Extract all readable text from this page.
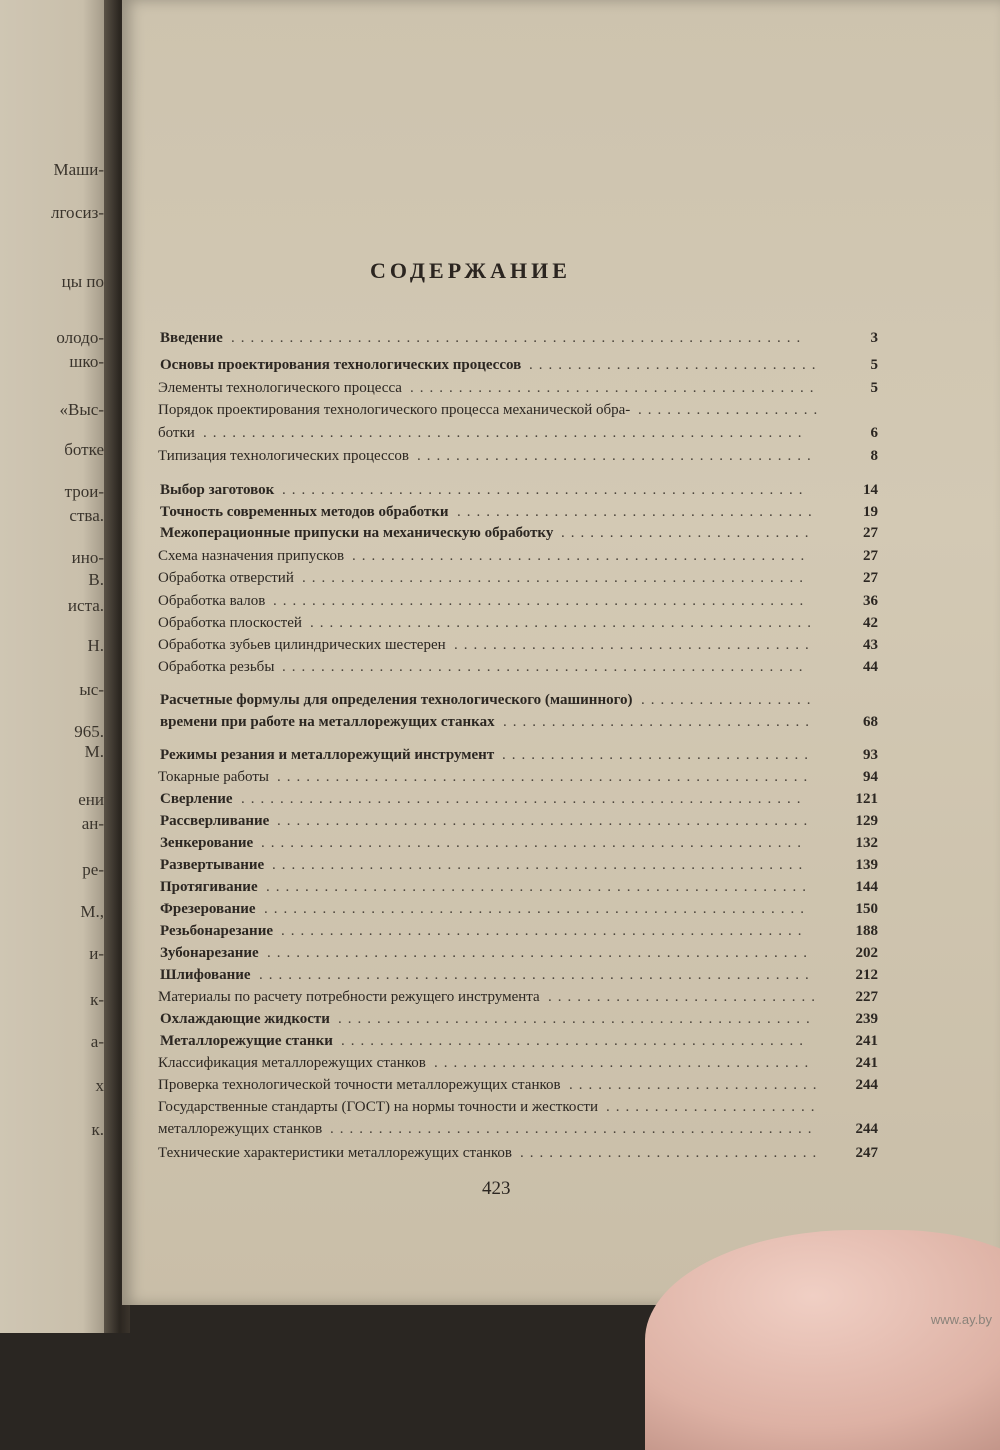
Маши-
лгосиз-
цы по
олодо-
шко-
«Выс-
ботке
трои-
ства.
ино-
В.
иста.
Н.
ыс-
965.
М.
ени
ан-
ре-
М.,
и-
к-
а-
х
к.
СОДЕРЖАНИЕ
Введение ...........................................................	3
Основы проектирования технологических процессов ..............................	5
Элементы технологического процесса ..........................................	5
Порядок проектирования технологического процесса механической обра- ...................
ботки ..............................................................	6
Типизация технологических процессов .........................................	8
Выбор заготовок ......................................................	14
Точность современных методов обработки .....................................	19
Межоперационные припуски на механическую обработку ..........................	27
Схема назначения припусков ...............................................	27
Обработка отверстий ....................................................	27
Обработка валов .......................................................	36
Обработка плоскостей ....................................................	42
Обработка зубьев цилиндрических шестерен .....................................	43
Обработка резьбы ......................................................	44
Расчетные формулы для определения технологического (машинного) ..................
времени при работе на металлорежущих станках ................................	68
Режимы резания и металлорежущий инструмент ................................	93
Токарные работы .......................................................	94
Сверление ..........................................................	121
Рассверливание .......................................................	129
Зенкерование ........................................................	132
Развертывание .......................................................	139
Протягивание ........................................................	144
Фрезерование ........................................................	150
Резьбонарезание ......................................................	188
Зубонарезание ........................................................	202
Шлифование .........................................................	212
Материалы по расчету потребности режущего инструмента ............................	227
Охлаждающие жидкости .................................................	239
Металлорежущие станки ................................................	241
Классификация металлорежущих станков .......................................	241
Проверка технологической точности металлорежущих станков ..........................	244
Государственные стандарты (ГОСТ) на нормы точности и жесткости ......................
металлорежущих станков ..................................................	244
Технические характеристики металлорежущих станков ...............................	247
423
www.ay.by
